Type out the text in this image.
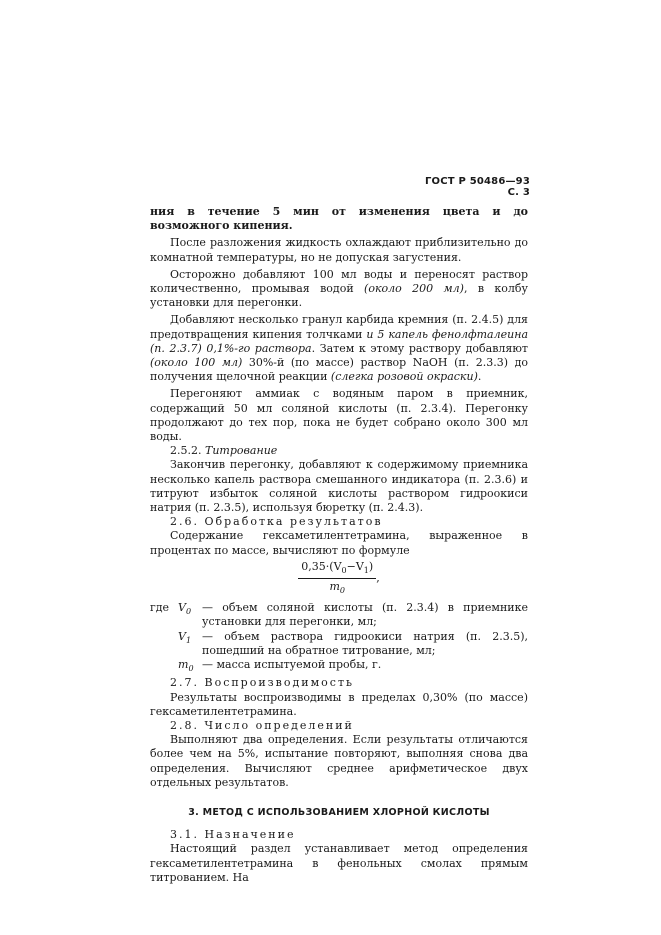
ГОСТ Р 50486—93 С. 3

ния в течение 5 мин от изменения цвета и до возможного кипения.

После разложения жидкость охлаждают приблизительно до комнатной температуры, но не допуская загустения.

Осторожно добавляют 100 мл воды и переносят раствор количественно, промывая водой (около 200 мл), в колбу установки для перегонки.

Добавляют несколько гранул карбида кремния (п. 2.4.5) для предотвращения кипения толчками и 5 капель фенолфталеина (п. 2.3.7) 0,1%-го раствора. Затем к этому раствору добавляют (около 100 мл) 30%-й (по массе) раствор NaOH (п. 2.3.3) до получения щелочной реакции (слегка розовой окраски).

Перегоняют аммиак с водяным паром в приемник, содержащий 50 мл соляной кислоты (п. 2.3.4). Перегонку продолжают до тех пор, пока не будет собрано около 300 мл воды.

2.5.2. Титрование

Закончив перегонку, добавляют к содержимому приемника несколько капель раствора смешанного индикатора (п. 2.3.6) и титруют избыток соляной кислоты раствором гидроокиси натрия (п. 2.3.5), используя бюретку (п. 2.4.3).

2.6. Обработка результатов

Содержание гексаметилентетрамина, выраженное в процентах по массе, вычисляют по формуле

$\frac{0,35\cdot(V_0-V_1)}{m_0}$ ,
где $V_0$ — объем соляной кислоты (п. 2.3.4) в приемнике установки для перегонки, мл;
$V_1$ — объем раствора гидроокиси натрия (п. 2.3.5), пошедший на обратное титрование, мл;
$m_0$ — масса испытуемой пробы, г.

2.7. Воспроизводимость

Результаты воспроизводимы в пределах 0,30% (по массе) гексаметилентетрамина.

2.8. Число определений

Выполняют два определения. Если результаты отличаются более чем на 5%, испытание повторяют, выполняя снова два определения. Вычисляют среднее арифметическое двух отдельных результатов.

3. МЕТОД С ИСПОЛЬЗОВАНИЕМ ХЛОРНОЙ КИСЛОТЫ

3.1. Назначение

Настоящий раздел устанавливает метод определения гексаметилентетрамина в фенольных смолах прямым титрованием. На
